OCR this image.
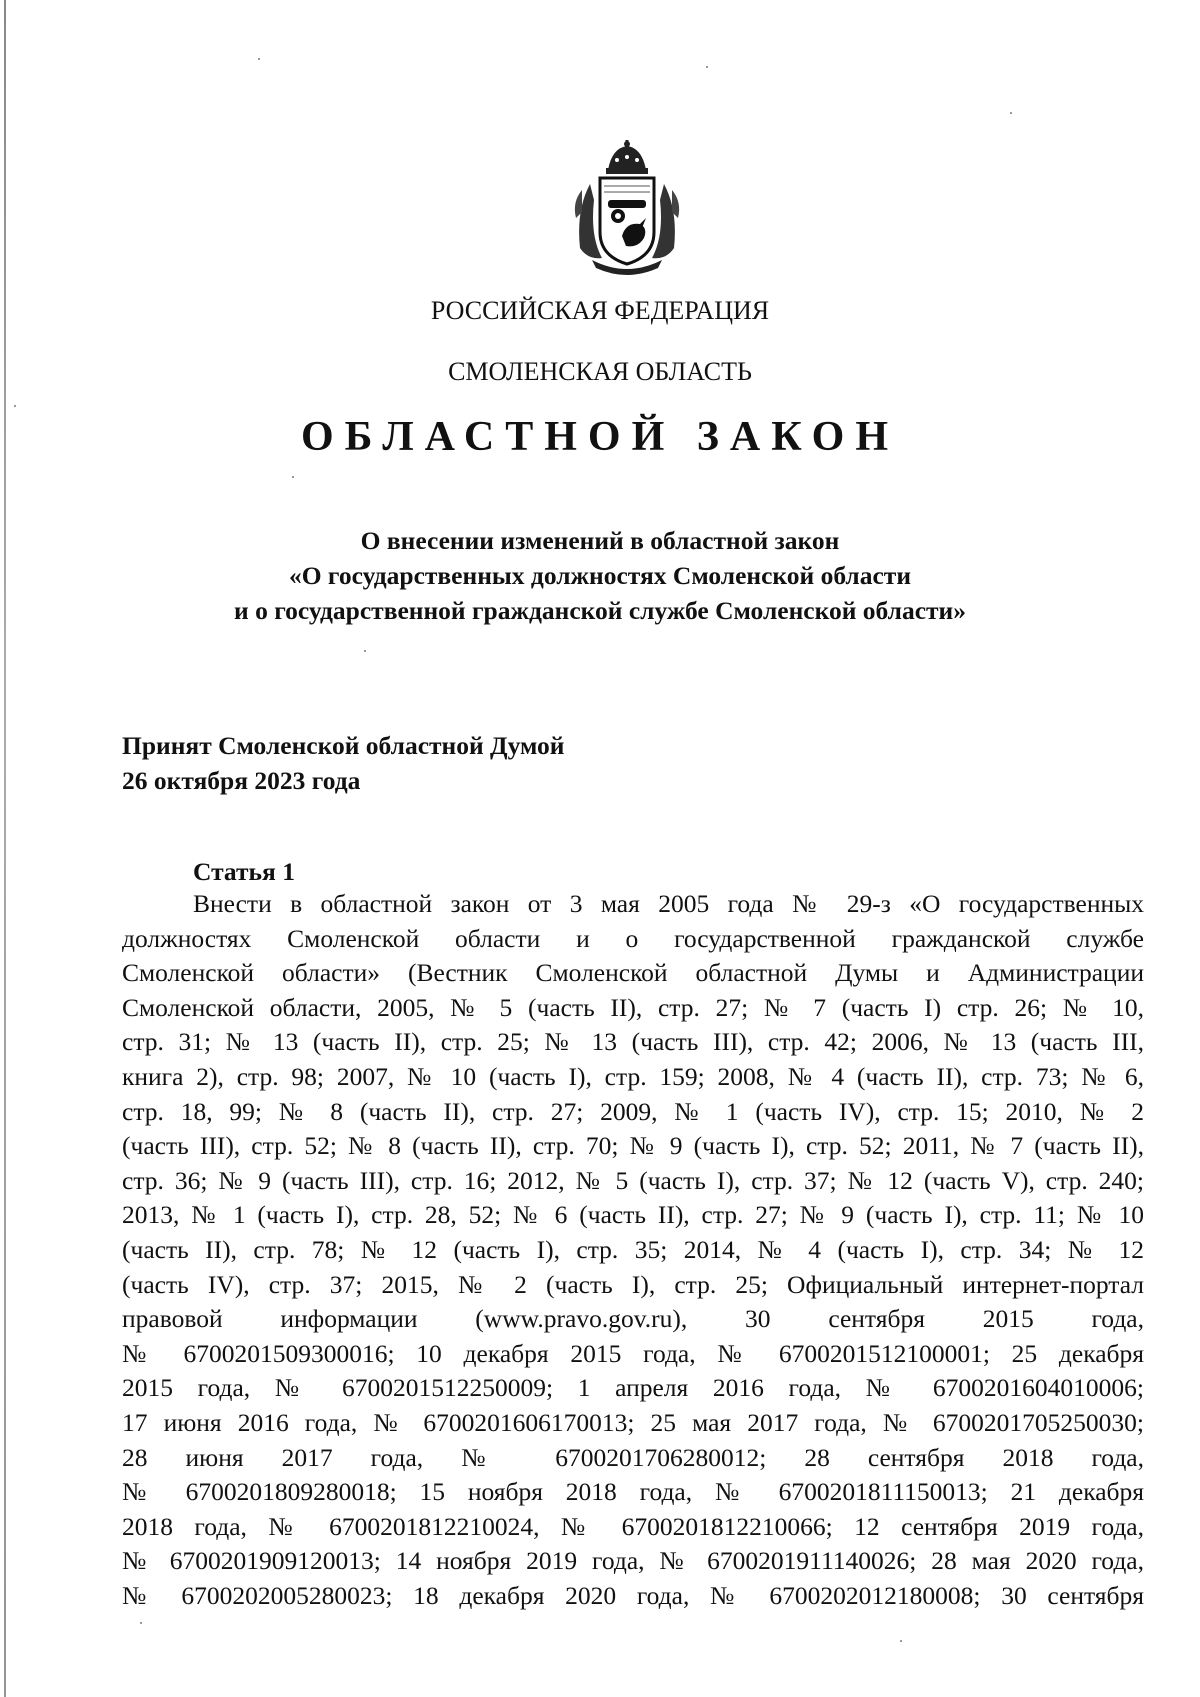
РОССИЙСКАЯ ФЕДЕРАЦИЯ
СМОЛЕНСКАЯ ОБЛАСТЬ
ОБЛАСТНОЙ ЗАКОН
О внесении изменений в областной закон
«О государственных должностях Смоленской области
и о государственной гражданской службе Смоленской области»
Принят Смоленской областной Думой
26 октября 2023 года
Статья 1
Внести в областной закон от 3 мая 2005 года № 29-з «О государственных
должностях Смоленской области и о государственной гражданской службе
Смоленской области» (Вестник Смоленской областной Думы и Администрации
Смоленской области, 2005, № 5 (часть II), стр. 27; № 7 (часть I) стр. 26; № 10,
стр. 31; № 13 (часть II), стр. 25; № 13 (часть III), стр. 42; 2006, № 13 (часть III,
книга 2), стр. 98; 2007, № 10 (часть I), стр. 159; 2008, № 4 (часть II), стр. 73; № 6,
стр. 18, 99; № 8 (часть II), стр. 27; 2009, № 1 (часть IV), стр. 15; 2010, № 2
(часть III), стр. 52; № 8 (часть II), стр. 70; № 9 (часть I), стр. 52; 2011, № 7 (часть II),
стр. 36; № 9 (часть III), стр. 16; 2012, № 5 (часть I), стр. 37; № 12 (часть V), стр. 240;
2013, № 1 (часть I), стр. 28, 52; № 6 (часть II), стр. 27; № 9 (часть I), стр. 11; № 10
(часть II), стр. 78; № 12 (часть I), стр. 35; 2014, № 4 (часть I), стр. 34; № 12
(часть IV), стр. 37; 2015, № 2 (часть I), стр. 25; Официальный интернет-портал
правовой информации (www.pravo.gov.ru), 30 сентября 2015 года,
№ 6700201509300016; 10 декабря 2015 года, № 6700201512100001; 25 декабря
2015 года, № 6700201512250009; 1 апреля 2016 года, № 6700201604010006;
17 июня 2016 года, № 6700201606170013; 25 мая 2017 года, № 6700201705250030;
28 июня 2017 года, № 6700201706280012; 28 сентября 2018 года,
№ 6700201809280018; 15 ноября 2018 года, № 6700201811150013; 21 декабря
2018 года, № 6700201812210024, № 6700201812210066; 12 сентября 2019 года,
№ 6700201909120013; 14 ноября 2019 года, № 6700201911140026; 28 мая 2020 года,
№ 6700202005280023; 18 декабря 2020 года, № 6700202012180008; 30 сентября
